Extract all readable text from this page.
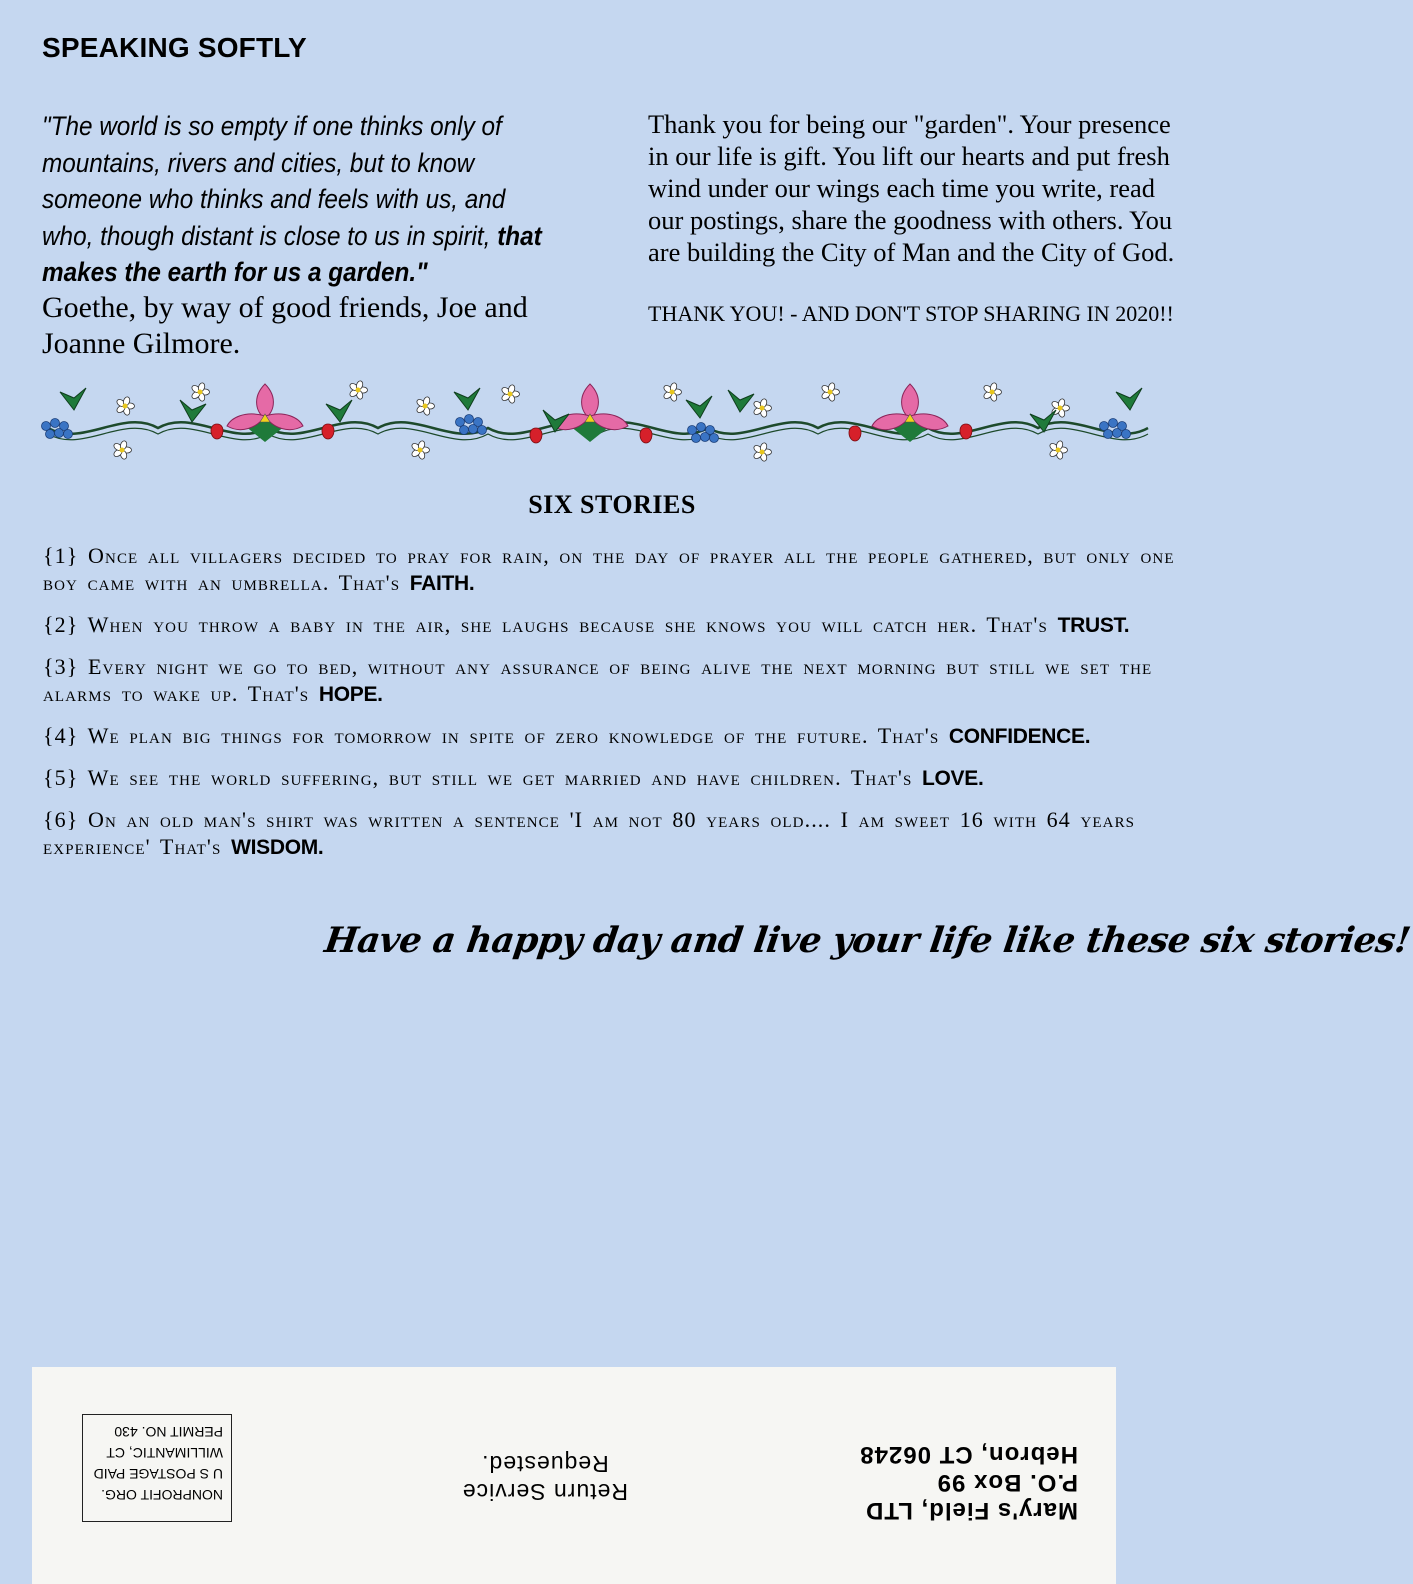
SPEAKING SOFTLY
"The world is so empty if one thinks only of mountains, rivers and cities, but to know someone who thinks and feels with us, and who, though distant is close to us in spirit, that makes the earth for us a garden."
Goethe, by way of good friends, Joe and Joanne Gilmore.
Thank you for being our "garden". Your presence in our life is gift. You lift our hearts and put fresh wind under our wings each time you write, read our postings, share the goodness with others. You are building the City of Man and the City of God.
THANK YOU! - AND DON'T STOP SHARING IN 2020!!
SIX STORIES

{1} Once all villagers decided to pray for rain, on the day of prayer all the people gathered, but only one boy came with an umbrella. That's FAITH.

{2} When you throw a baby in the air, she laughs because she knows you will catch her. That's TRUST.

{3} Every night we go to bed, without any assurance of being alive the next morning but still we set the alarms to wake up. That's HOPE.

{4} We plan big things for tomorrow in spite of zero knowledge of the future. That's CONFIDENCE.

{5} We see the world suffering, but still we get married and have children. That's LOVE.

{6} On an old man's shirt was written a sentence 'I am not 80 years old.... I am sweet 16 with 64 years experience' That's WISDOM.

Have a happy day and live your life like these six stories!
Mary's Field, LTD
P.O. Box 99
Hebron, CT 06248
Return Service
Requested.
NONPROFIT ORG.
U S POSTAGE PAID
WILLIMANTIC, CT
PERMIT NO. 430
